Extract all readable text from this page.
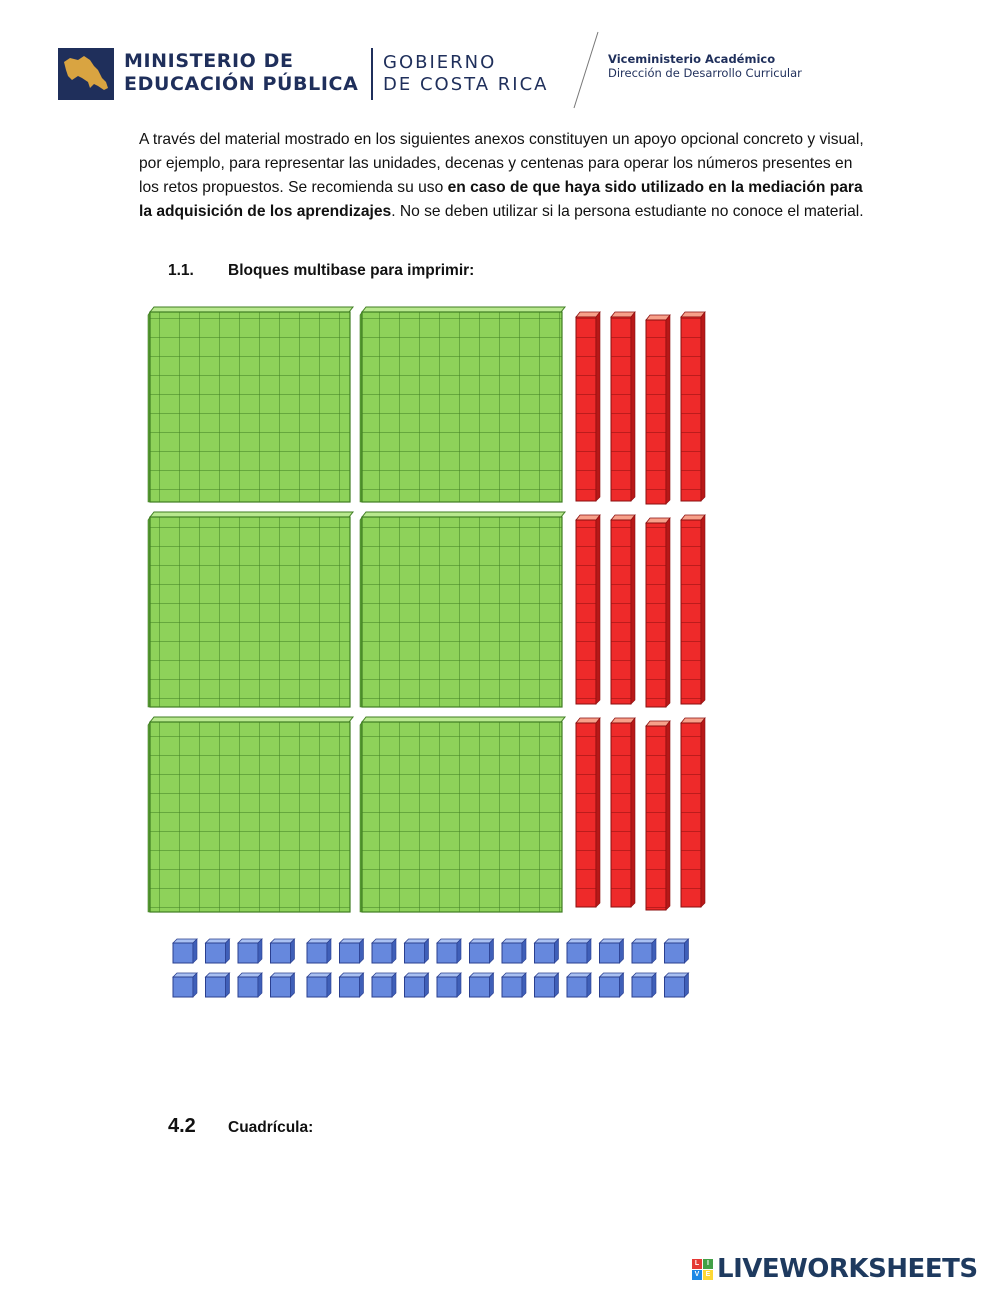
MINISTERIO DE
EDUCACIÓN PÚBLICA
GOBIERNO
DE COSTA RICA
Viceministerio Académico
Dirección de Desarrollo Curricular

A través del material mostrado en los siguientes anexos constituyen un apoyo opcional concreto y visual, por ejemplo, para representar las unidades, decenas y centenas para operar los números presentes en los retos propuestos. Se recomienda su uso en caso de que haya sido utilizado en la mediación para la adquisición de los aprendizajes. No se deben utilizar si la persona estudiante no conoce el material.

1.1. Bloques multibase para imprimir:
4.2 Cuadrícula:
L	I
V E LIVEWORKSHEETS
